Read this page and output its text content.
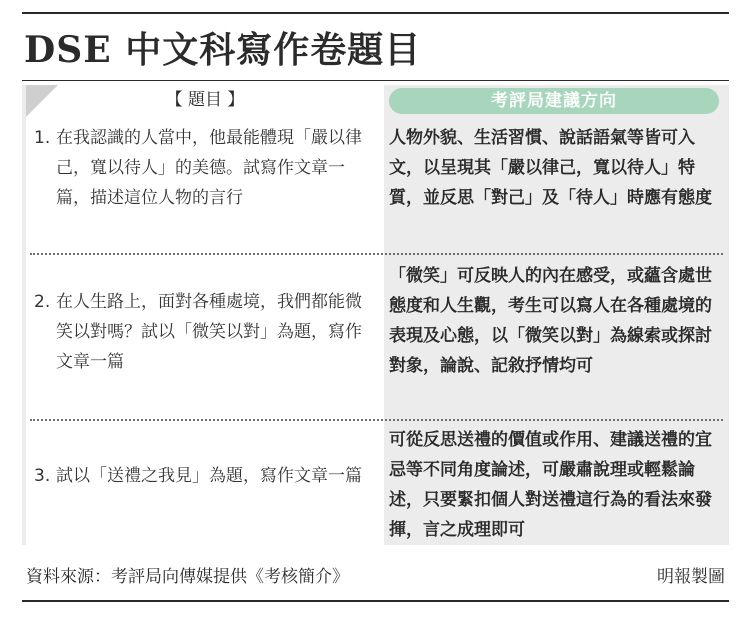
DSE 中文科寫作卷題目
【 題目 】	考評局建議方向
1. 在我認識的人當中，他最能體現「嚴以律己，寬以待人」的美德。試寫作文章一篇，描述這位人物的言行
人物外貌、生活習慣、說話語氣等皆可入文，以呈現其「嚴以律己，寬以待人」特質，並反思「對己」及「待人」時應有態度
2. 在人生路上，面對各種處境，我們都能微笑以對嗎？試以「微笑以對」為題，寫作文章一篇
「微笑」可反映人的內在感受，或蘊含處世態度和人生觀，考生可以寫人在各種處境的表現及心態，以「微笑以對」為線索或探討對象，論說、記敘抒情均可
3. 試以「送禮之我見」為題，寫作文章一篇
可從反思送禮的價值或作用、建議送禮的宜忌等不同角度論述，可嚴肅說理或輕鬆論述，只要緊扣個人對送禮這行為的看法來發揮，言之成理即可
資料來源：考評局向傳媒提供《考核簡介》	明報製圖
